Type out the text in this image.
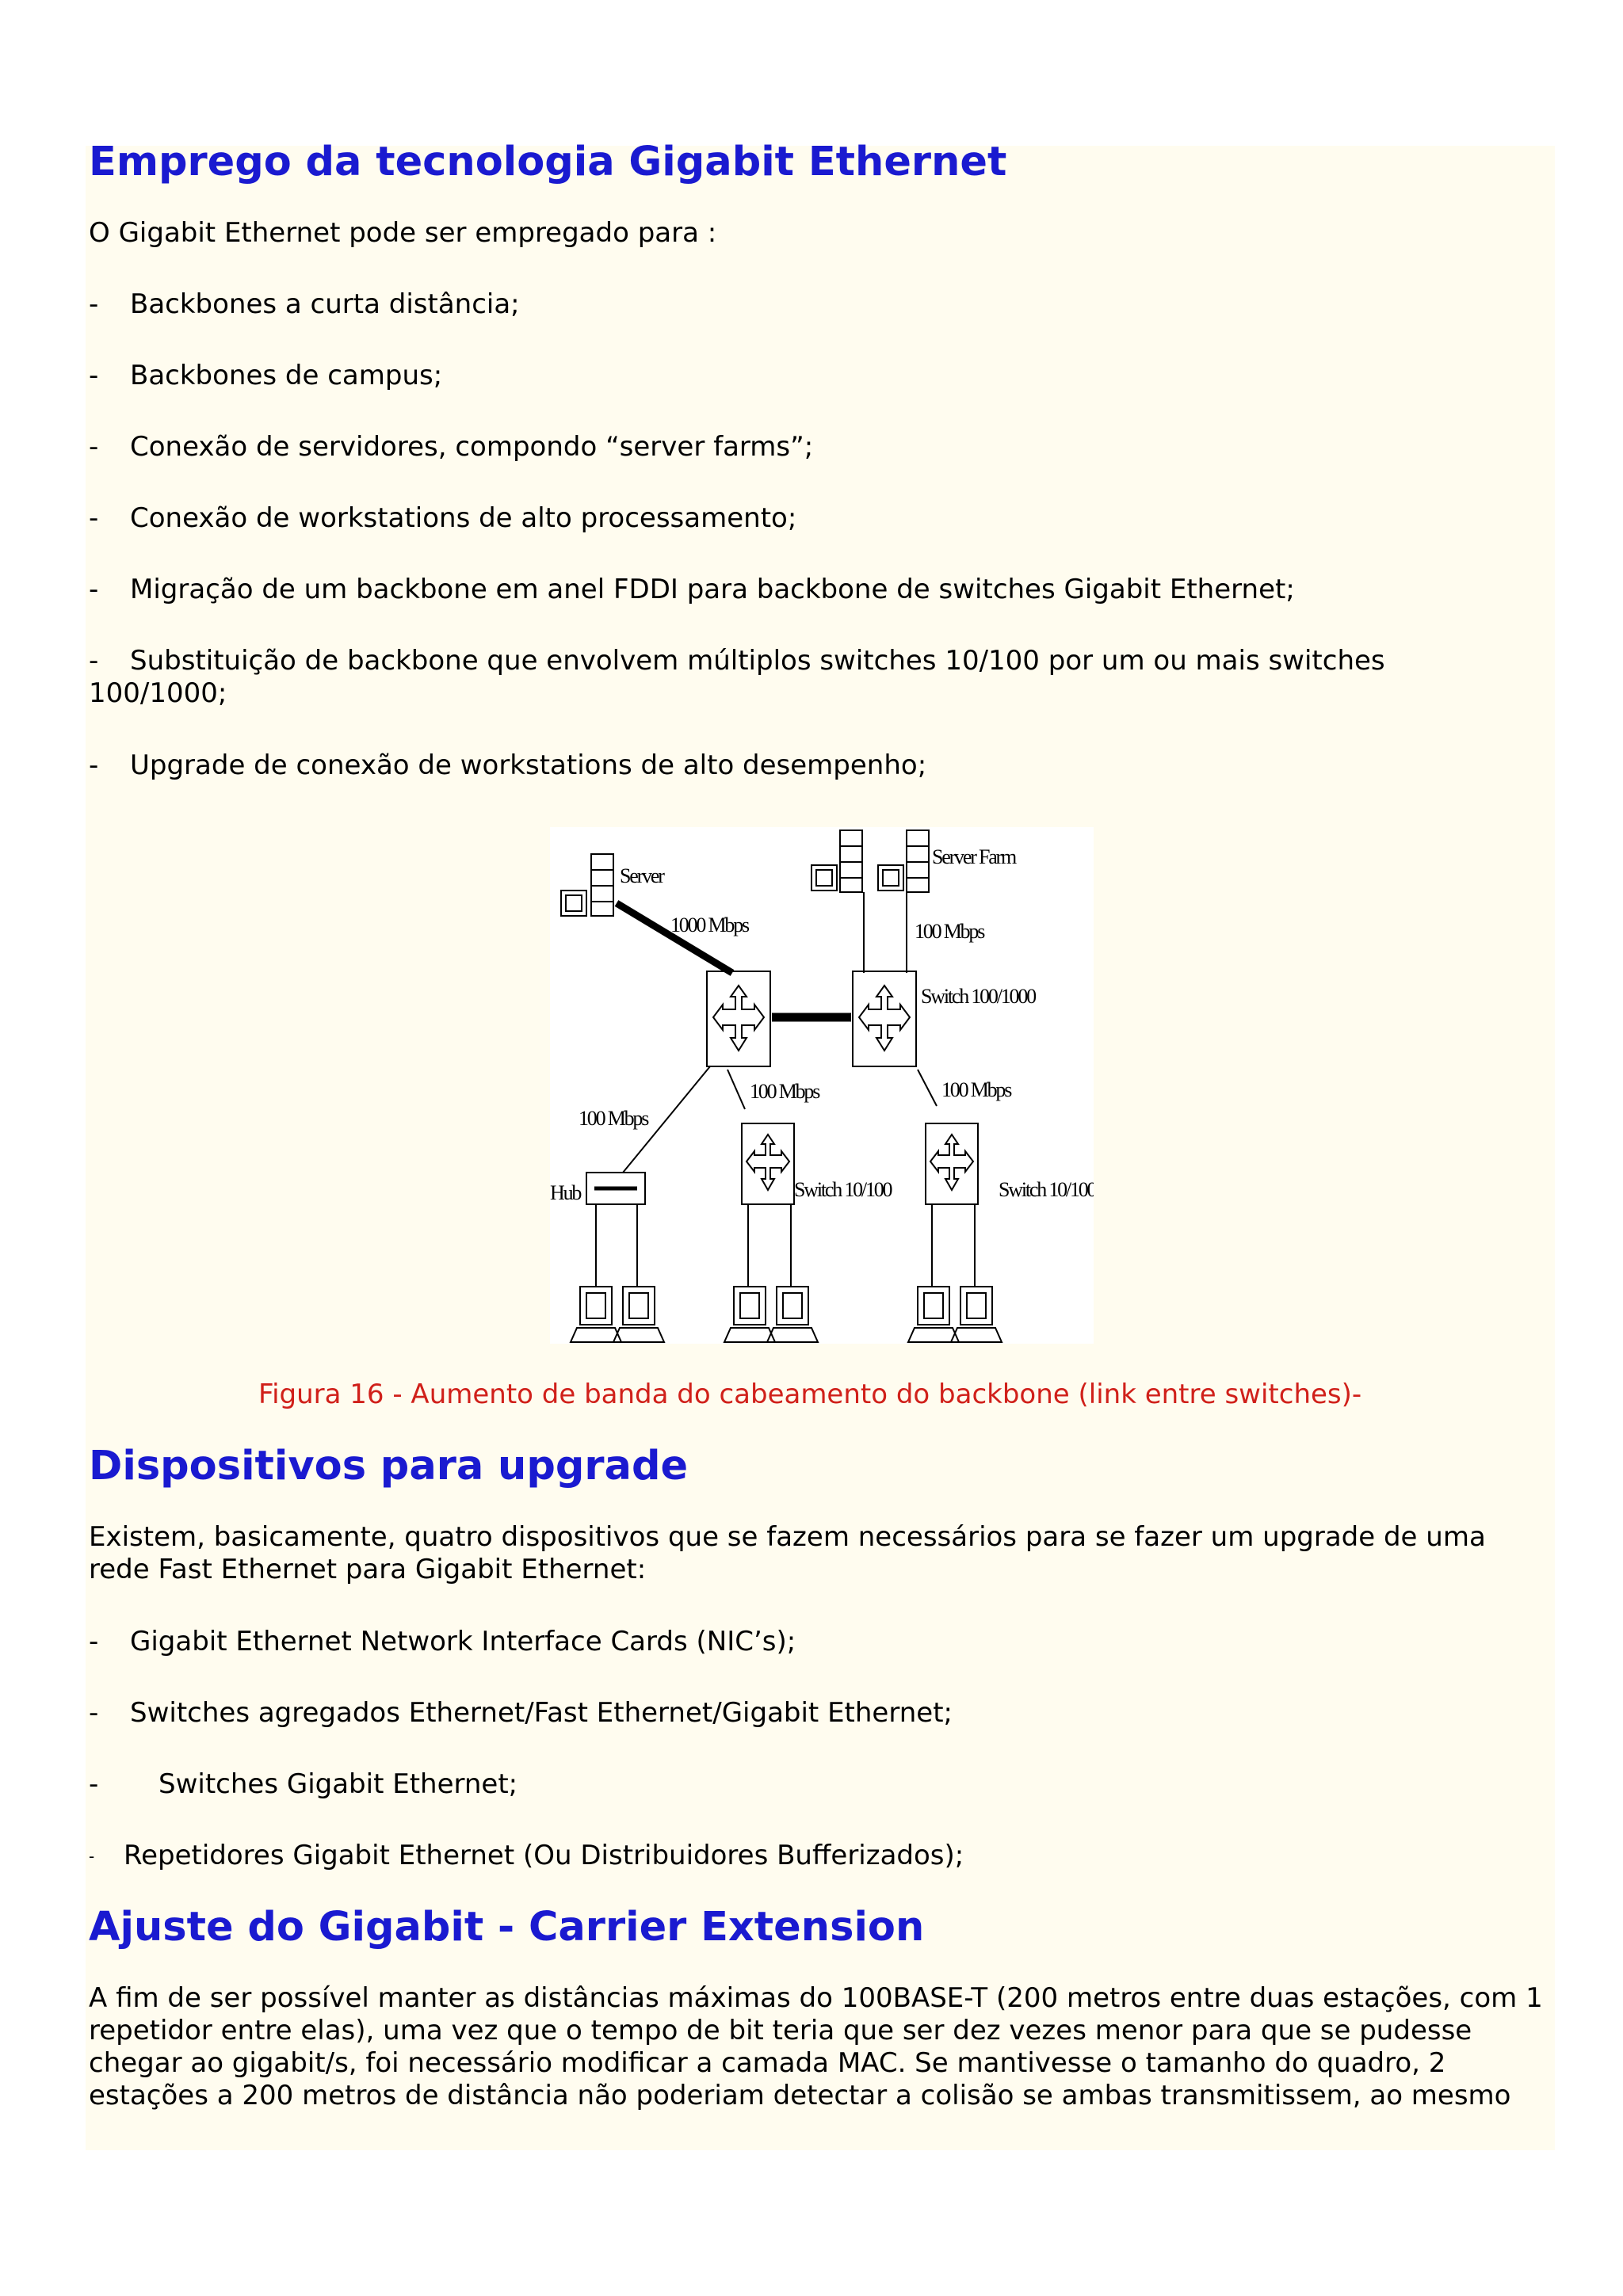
Emprego da tecnologia Gigabit Ethernet

O Gigabit Ethernet pode ser empregado para :

- Backbones a curta distância;
- Backbones de campus;
- Conexão de servidores, compondo “server farms”;
- Conexão de workstations de alto processamento;
- Migração de um backbone em anel FDDI para backbone de switches Gigabit Ethernet;
- Substituição de backbone que envolvem múltiplos switches 10/100 por um ou mais switches 100/1000;
- Upgrade de conexão de workstations de alto desempenho;
Figura 16 - Aumento de banda do cabeamento do backbone (link entre switches)-
Dispositivos para upgrade

Existem, basicamente, quatro dispositivos que se fazem necessários para se fazer um upgrade de uma rede Fast Ethernet para Gigabit Ethernet:

- Gigabit Ethernet Network Interface Cards (NIC’s);
- Switches agregados Ethernet/Fast Ethernet/Gigabit Ethernet;
- Switches Gigabit Ethernet;
- Repetidores Gigabit Ethernet (Ou Distribuidores Bufferizados);
Ajuste do Gigabit - Carrier Extension

A fim de ser possível manter as distâncias máximas do 100BASE-T (200 metros entre duas estações, com 1 repetidor entre elas), uma vez que o tempo de bit teria que ser dez vezes menor para que se pudesse chegar ao gigabit/s, foi necessário modificar a camada MAC. Se mantivesse o tamanho do quadro, 2 estações a 200 metros de distância não poderiam detectar a colisão se ambas transmitissem, ao mesmo

Server
Server Farm
1000 Mbps	100 Mbps
Switch 100/1000
100 Mbps
100 Mbps	100 Mbps
Hub	Switch 10/100	Switch 10/100
